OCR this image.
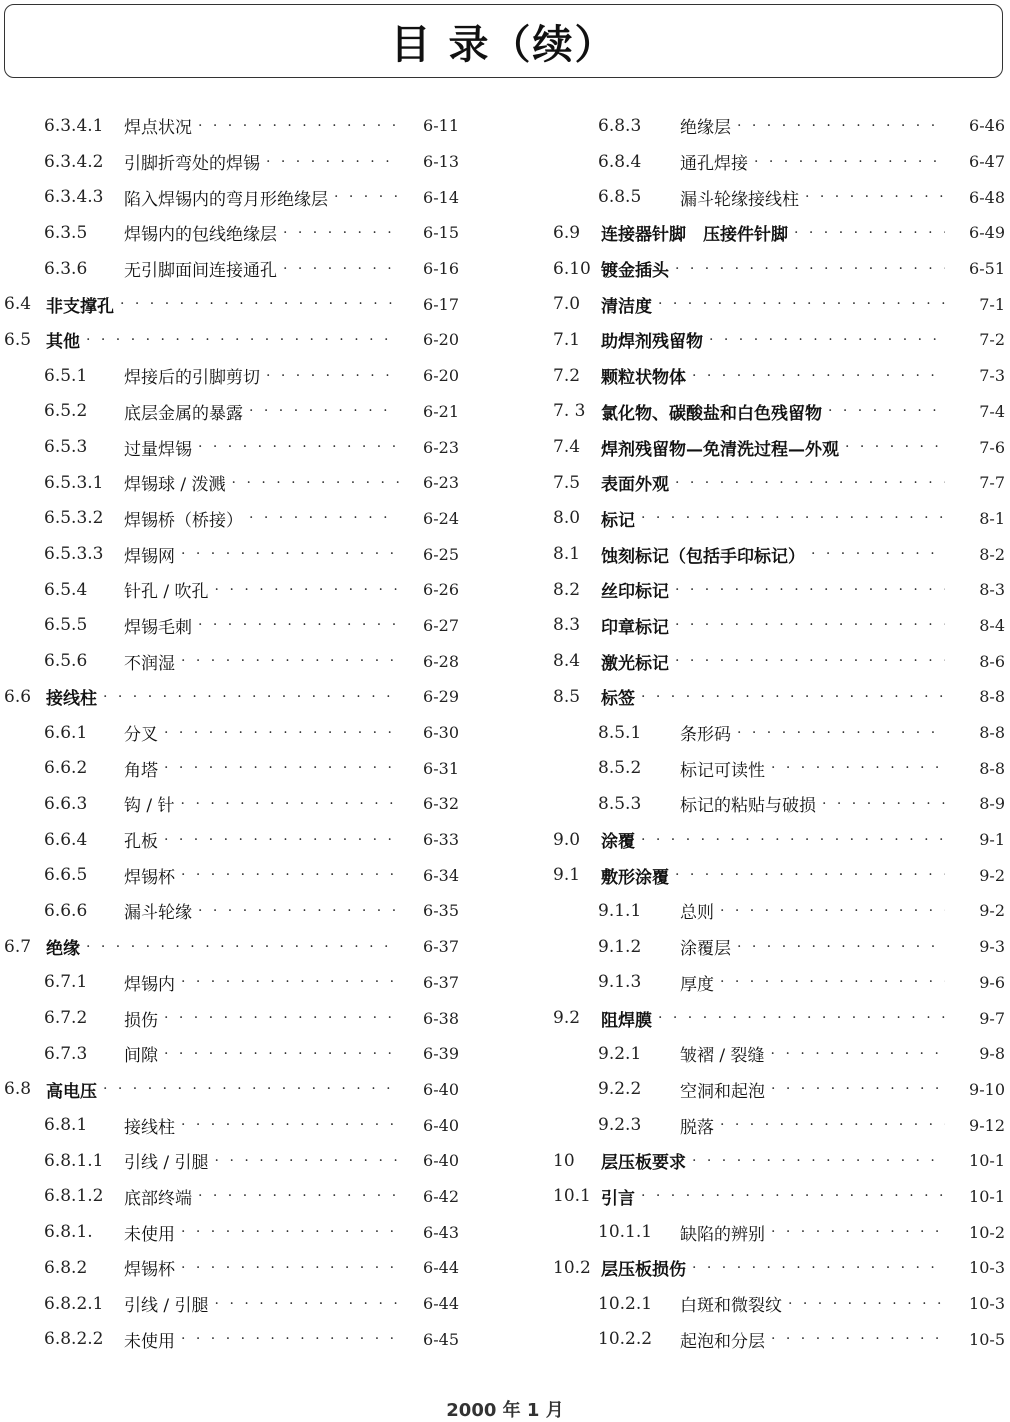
目 录（续）
6.3.4.1	焊点状况 · · ·	6-11
6.3.4.2	引脚折弯处的焊锡 · · ·	6-13
6.3.4.3	陷入焊锡内的弯月形绝缘层 · · ·	6-14
6.3.5	焊锡内的包线绝缘层 · · ·	6-15
6.3.6	无引脚面间连接通孔 · · ·	6-16
6.4 非支撑孔 · · ·	6-17
6.5 其他 · · ·	6-20
6.5.1	焊接后的引脚剪切 · · ·	6-20
6.5.2	底层金属的暴露 · · ·	6-21
6.5.3	过量焊锡 · · ·	6-23
6.5.3.1	焊锡球 / 泼溅 · · ·	6-23
6.5.3.2	焊锡桥（桥接） · · ·	6-24
6.5.3.3	焊锡网 · · ·	6-25
6.5.4	针孔 / 吹孔 · · ·	6-26
6.5.5	焊锡毛刺 · · ·	6-27
6.5.6	不润湿 · · ·	6-28
6.6 接线柱 · · ·	6-29
6.6.1	分叉 · · ·	6-30
6.6.2	角塔 · · ·	6-31
6.6.3	钩 / 针 · · ·	6-32
6.6.4	孔板 · · ·	6-33
6.6.5	焊锡杯 · · ·	6-34
6.6.6	漏斗轮缘 · · ·	6-35
6.7 绝缘 · · ·	6-37
6.7.1	焊锡内 · · ·	6-37
6.7.2	损伤 · · ·	6-38
6.7.3	间隙 · · ·	6-39
6.8 高电压 · · ·	6-40
6.8.1	接线柱 · · ·	6-40
6.8.1.1	引线 / 引腿 · · ·	6-40
6.8.1.2	底部终端 · · ·	6-42
6.8.1.	未使用 · · ·	6-43
6.8.2	焊锡杯 · · ·	6-44
6.8.2.1	引线 / 引腿 · · ·	6-44
6.8.2.2	未使用 · · ·	6-45
6.8.3	绝缘层 · · ·	6-46
6.8.4	通孔焊接 · · ·	6-47
6.8.5	漏斗轮缘接线柱 · · ·	6-48
6.9	连接器针脚　压接件针脚 · · ·	6-49
6.10 镀金插头 · · ·	6-51
7.0	清洁度 · · ·	7-1
7.1	助焊剂残留物 · · ·	7-2
7.2	颗粒状物体 · · ·	7-3
7. 3 氯化物、碳酸盐和白色残留物 · · ·	7-4
7.4	焊剂残留物—免清洗过程—外观 · · ·	7-6
7.5	表面外观 · · ·	7-7
8.0	标记 · · ·	8-1
8.1	蚀刻标记（包括手印标记） · · ·	8-2
8.2	丝印标记 · · ·	8-3
8.3	印章标记 · · ·	8-4
8.4	激光标记 · · ·	8-6
8.5	标签 · · ·	8-8
8.5.1	条形码 · · ·	8-8
8.5.2	标记可读性 · · ·	8-8
8.5.3	标记的粘贴与破损 · · ·	8-9
9.0	涂覆 · · ·	9-1
9.1	敷形涂覆 · · ·	9-2
9.1.1	总则 · · ·	9-2
9.1.2	涂覆层 · · ·	9-3
9.1.3	厚度 · · ·	9-6
9.2	阻焊膜 · · ·	9-7
9.2.1	皱褶 / 裂缝 · · ·	9-8
9.2.2	空洞和起泡 · · ·	9-10
9.2.3	脱落 · · ·	9-12
10	层压板要求 · · ·	10-1
10.1 引言 · · ·	10-1
10.1.1	缺陷的辨别 · · ·	10-2
10.2 层压板损伤 · · ·	10-3
10.2.1	白斑和微裂纹 · · ·	10-3
10.2.2	起泡和分层 · · ·	10-5
2000 年 1 月
